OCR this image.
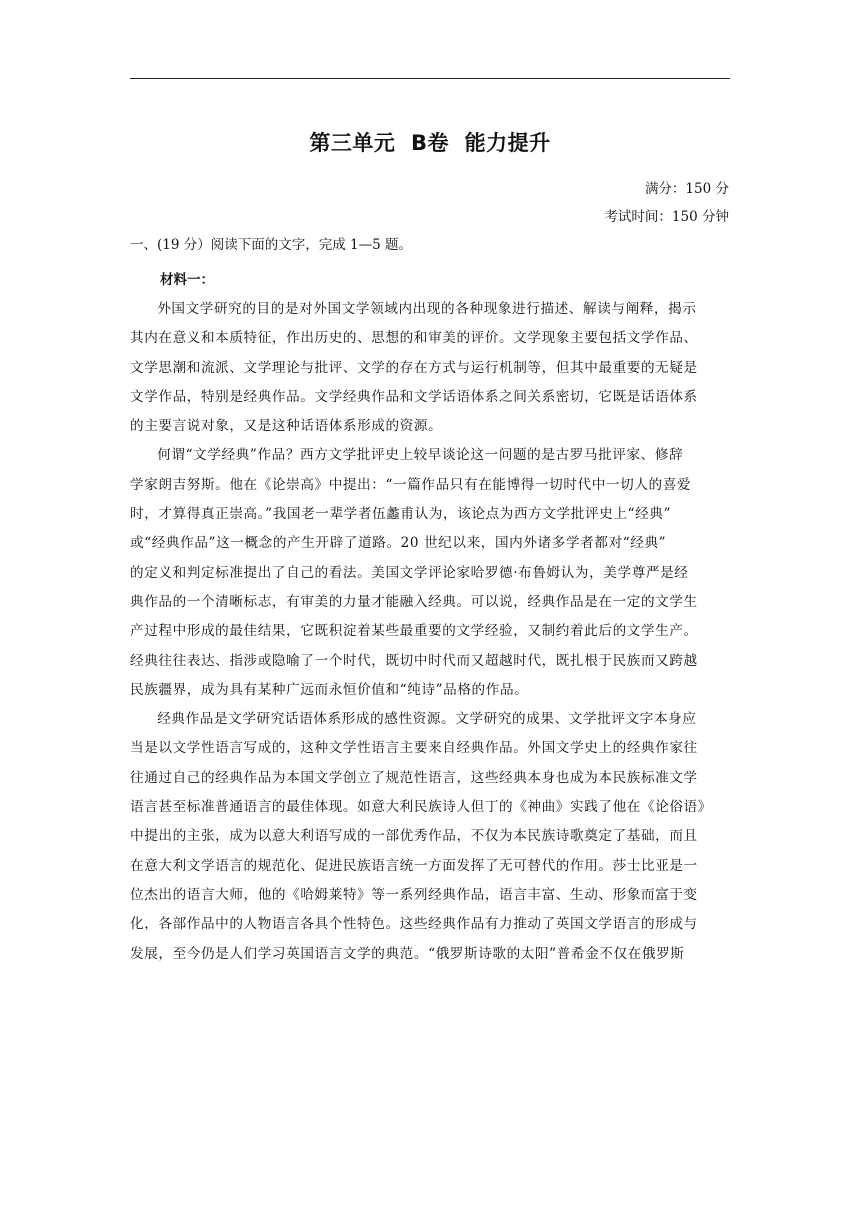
第三单元  B卷  能力提升
满分：150 分
考试时间：150 分钟
一、(19 分）阅读下面的文字，完成 1—5 题。
材料一：

外国文学研究的目的是对外国文学领域内出现的各种现象进行描述、解读与阐释，揭示

其内在意义和本质特征，作出历史的、思想的和审美的评价。文学现象主要包括文学作品、
文学思潮和流派、文学理论与批评、文学的存在方式与运行机制等，但其中最重要的无疑是
文学作品，特别是经典作品。文学经典作品和文学话语体系之间关系密切，它既是话语体系
的主要言说对象，又是这种话语体系形成的资源。

何谓“文学经典”作品？西方文学批评史上较早谈论这一问题的是古罗马批评家、修辞

学家朗吉努斯。他在《论崇高》中提出：“一篇作品只有在能博得一切时代中一切人的喜爱
时，才算得真正崇高。”我国老一辈学者伍蠡甫认为，该论点为西方文学批评史上“经典”
或“经典作品”这一概念的产生开辟了道路。20 世纪以来，国内外诸多学者都对“经典”
的定义和判定标准提出了自己的看法。美国文学评论家哈罗德·布鲁姆认为，美学尊严是经
典作品的一个清晰标志，有审美的力量才能融入经典。可以说，经典作品是在一定的文学生
产过程中形成的最佳结果，它既积淀着某些最重要的文学经验，又制约着此后的文学生产。
经典往往表达、指涉或隐喻了一个时代，既切中时代而又超越时代，既扎根于民族而又跨越
民族疆界，成为具有某种广远而永恒价值和“纯诗”品格的作品。

经典作品是文学研究话语体系形成的感性资源。文学研究的成果、文学批评文字本身应

当是以文学性语言写成的，这种文学性语言主要来自经典作品。外国文学史上的经典作家往
往通过自己的经典作品为本国文学创立了规范性语言，这些经典本身也成为本民族标准文学
语言甚至标准普通语言的最佳体现。如意大利民族诗人但丁的《神曲》实践了他在《论俗语》
中提出的主张，成为以意大利语写成的一部优秀作品，不仅为本民族诗歌奠定了基础，而且
在意大利文学语言的规范化、促进民族语言统一方面发挥了无可替代的作用。莎士比亚是一
位杰出的语言大师，他的《哈姆莱特》等一系列经典作品，语言丰富、生动、形象而富于变
化，各部作品中的人物语言各具个性特色。这些经典作品有力推动了英国文学语言的形成与
发展，至今仍是人们学习英国语言文学的典范。“俄罗斯诗歌的太阳”普希金不仅在俄罗斯
